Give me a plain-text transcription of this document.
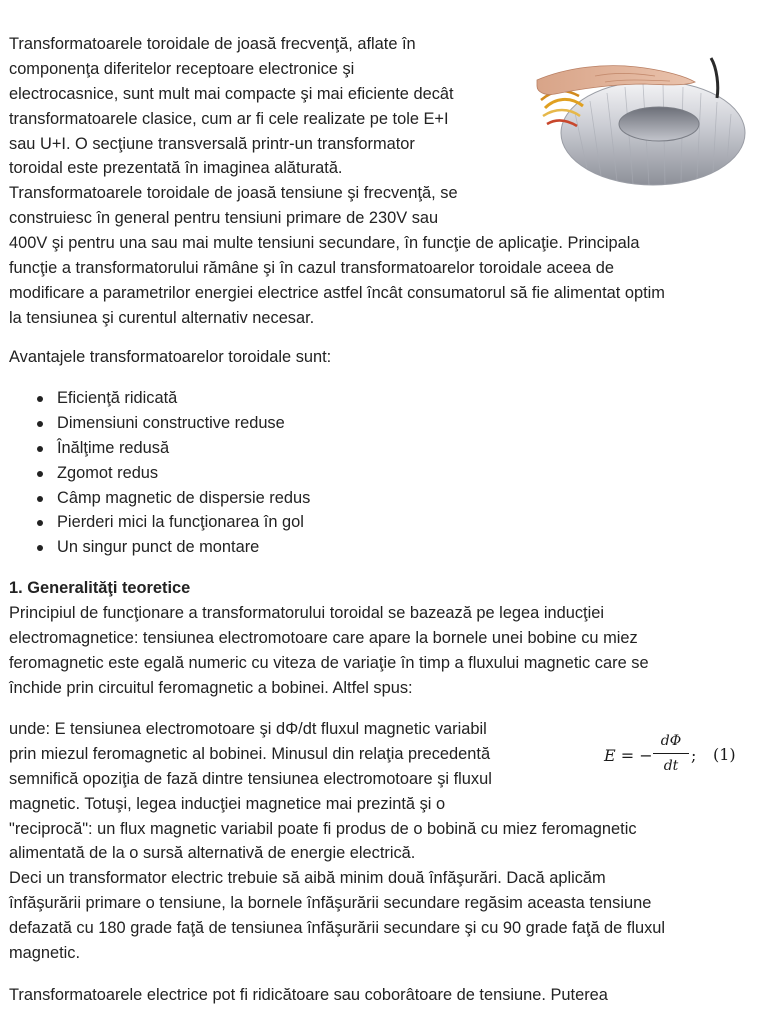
Transformatoarele toroidale de joasă frecvenţă, aflate în
componenţa diferitelor receptoare electronice şi
electrocasnice, sunt mult mai compacte şi mai eficiente decât
transformatoarele clasice, cum ar fi cele realizate pe tole E+I
sau U+I. O secţiune transversală printr-un transformator
toroidal este prezentată în imaginea alăturată.
Transformatoarele toroidale de joasă tensiune şi frecvenţă, se
construiesc în general pentru tensiuni primare de 230V sau
400V şi pentru una sau mai multe tensiuni secundare, în funcţie de aplicaţie. Principala
funcţie a transformatorului rămâne şi în cazul transformatoarelor toroidale aceea de
modificare a parametrilor energiei electrice astfel încât consumatorul să fie alimentat optim
la tensiunea şi curentul alternativ necesar.
Avantajele transformatoarelor toroidale sunt:
Eficienţă ridicată
Dimensiuni constructive reduse
Înălţime redusă
Zgomot redus
Câmp magnetic de dispersie redus
Pierderi mici la funcţionarea în gol
Un singur punct de montare
1. Generalităţi teoretice
Principiul de funcţionare a transformatorului toroidal se bazează pe legea inducţiei
electromagnetice: tensiunea electromotoare care apare la bornele unei bobine cu miez
feromagnetic este egală numeric cu viteza de variaţie în timp a fluxului magnetic care se
închide prin circuitul feromagnetic a bobinei. Altfel spus:
unde: E tensiunea electromotoare şi dΦ/dt fluxul magnetic variabil
prin miezul feromagnetic al bobinei. Minusul din relaţia precedentă
semnifică opoziţia de fază dintre tensiunea electromotoare şi fluxul
magnetic. Totuşi, legea inducţiei magnetice mai prezintă şi o
"reciprocă": un flux magnetic variabil poate fi produs de o bobină cu miez feromagnetic
alimentată de la o sursă alternativă de energie electrică.
Deci un transformator electric trebuie să aibă minim două înfăşurări. Dacă aplicăm
înfăşurării primare o tensiune, la bornele înfăşurării secundare regăsim aceasta tensiune
defazată cu 180 grade faţă de tensiunea înfăşurării secundare şi cu 90 grade faţă de fluxul
magnetic.
E = −
dΦ
dt
; (1)
Transformatoarele electrice pot fi ridicătoare sau coborâtoare de tensiune. Puterea
